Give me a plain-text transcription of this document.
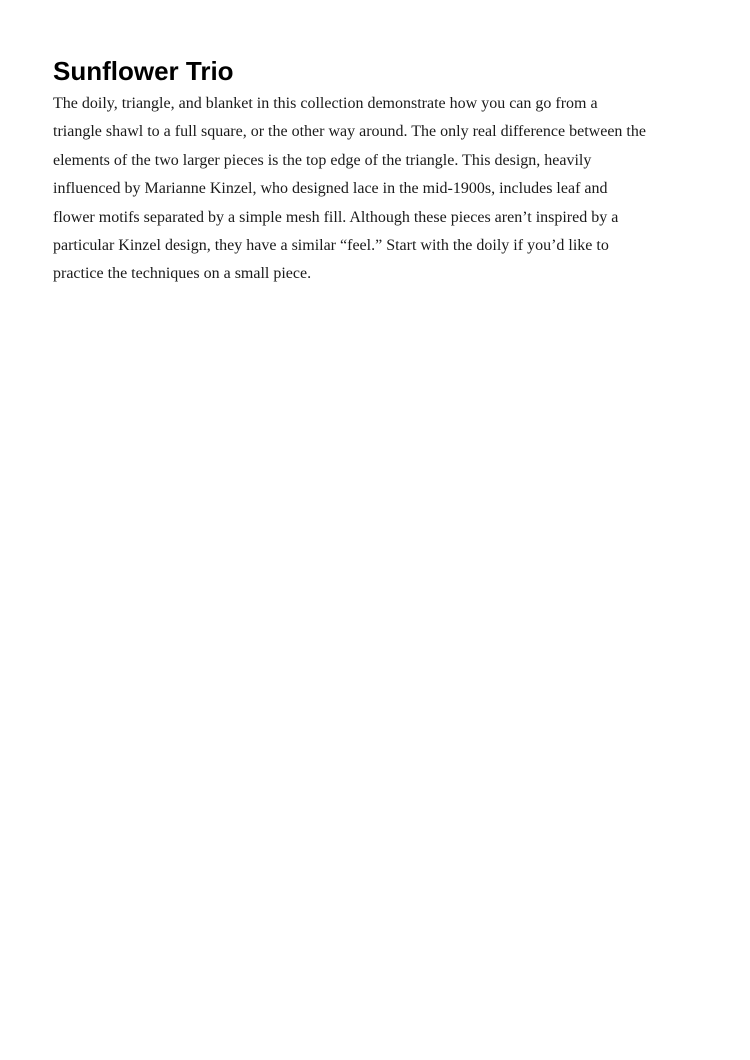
Sunflower Trio

The doily, triangle, and blanket in this collection demonstrate how you can go from a
triangle shawl to a full square, or the other way around. The only real difference between the
elements of the two larger pieces is the top edge of the triangle. This design, heavily
influenced by Marianne Kinzel, who designed lace in the mid-1900s, includes leaf and
flower motifs separated by a simple mesh fill. Although these pieces aren’t inspired by a
particular Kinzel design, they have a similar “feel.” Start with the doily if you’d like to
practice the techniques on a small piece.
